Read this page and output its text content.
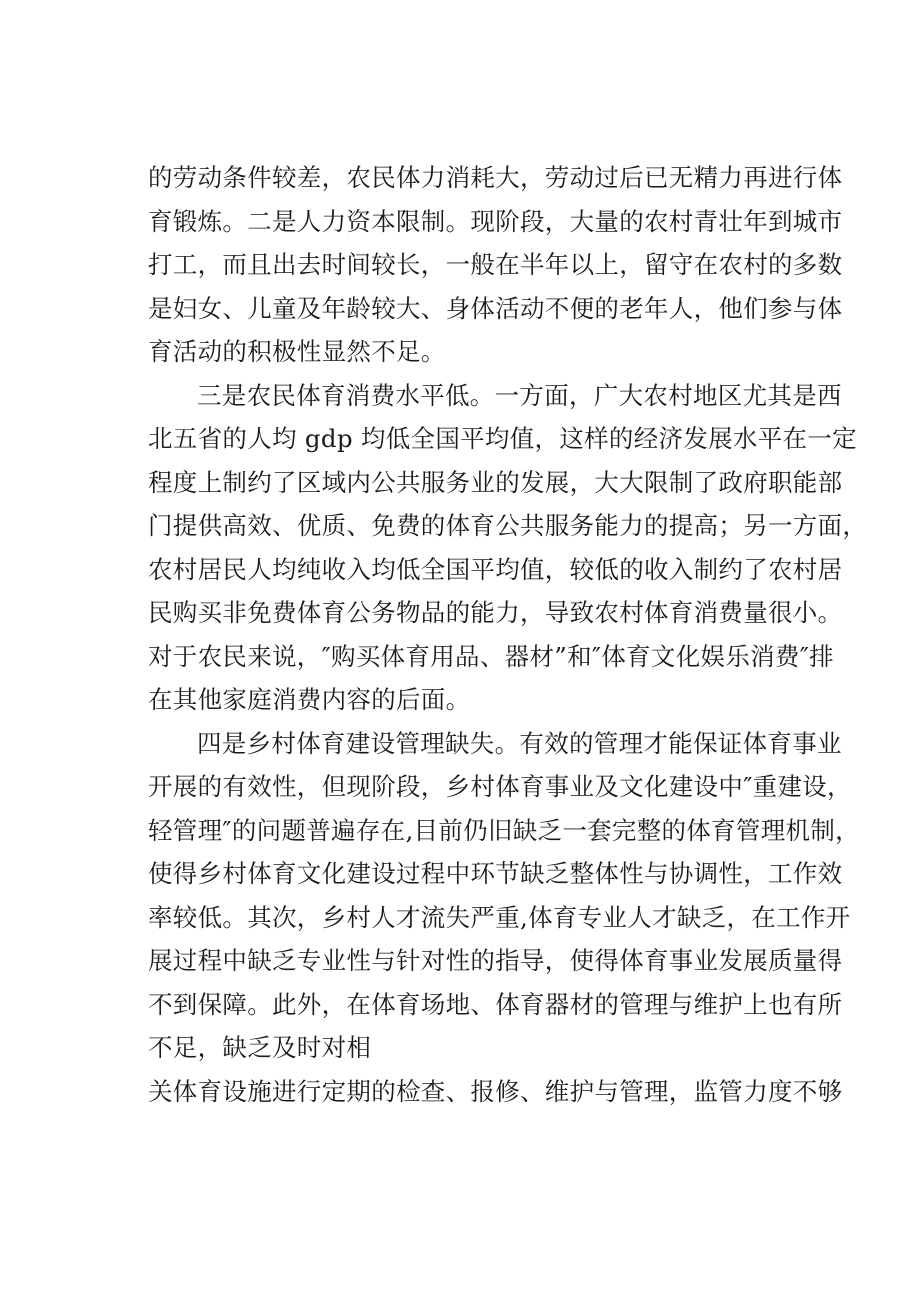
的劳动条件较差，农民体力消耗大，劳动过后已无精力再进行体
育锻炼。二是人力资本限制。现阶段，大量的农村青壮年到城市
打工，而且出去时间较长，一般在半年以上，留守在农村的多数
是妇女、儿童及年龄较大、身体活动不便的老年人，他们参与体
育活动的积极性显然不足。
三是农民体育消费水平低。一方面，广大农村地区尤其是西
北五省的人均 gdp 均低全国平均值，这样的经济发展水平在一定
程度上制约了区域内公共服务业的发展，大大限制了政府职能部
门提供高效、优质、免费的体育公共服务能力的提高；另一方面，
农村居民人均纯收入均低全国平均值，较低的收入制约了农村居
民购买非免费体育公务物品的能力，导致农村体育消费量很小。
对于农民来说，″购买体育用品、器材”和″体育文化娱乐消费″排
在其他家庭消费内容的后面。
四是乡村体育建设管理缺失。有效的管理才能保证体育事业
开展的有效性，但现阶段，乡村体育事业及文化建设中″重建设，
轻管理″的问题普遍存在,目前仍旧缺乏一套完整的体育管理机制，
使得乡村体育文化建设过程中环节缺乏整体性与协调性，工作效
率较低。其次，乡村人才流失严重,体育专业人才缺乏，在工作开
展过程中缺乏专业性与针对性的指导，使得体育事业发展质量得
不到保障。此外，在体育场地、体育器材的管理与维护上也有所
不足，缺乏及时对相
关体育设施进行定期的检查、报修、维护与管理，监管力度不够
